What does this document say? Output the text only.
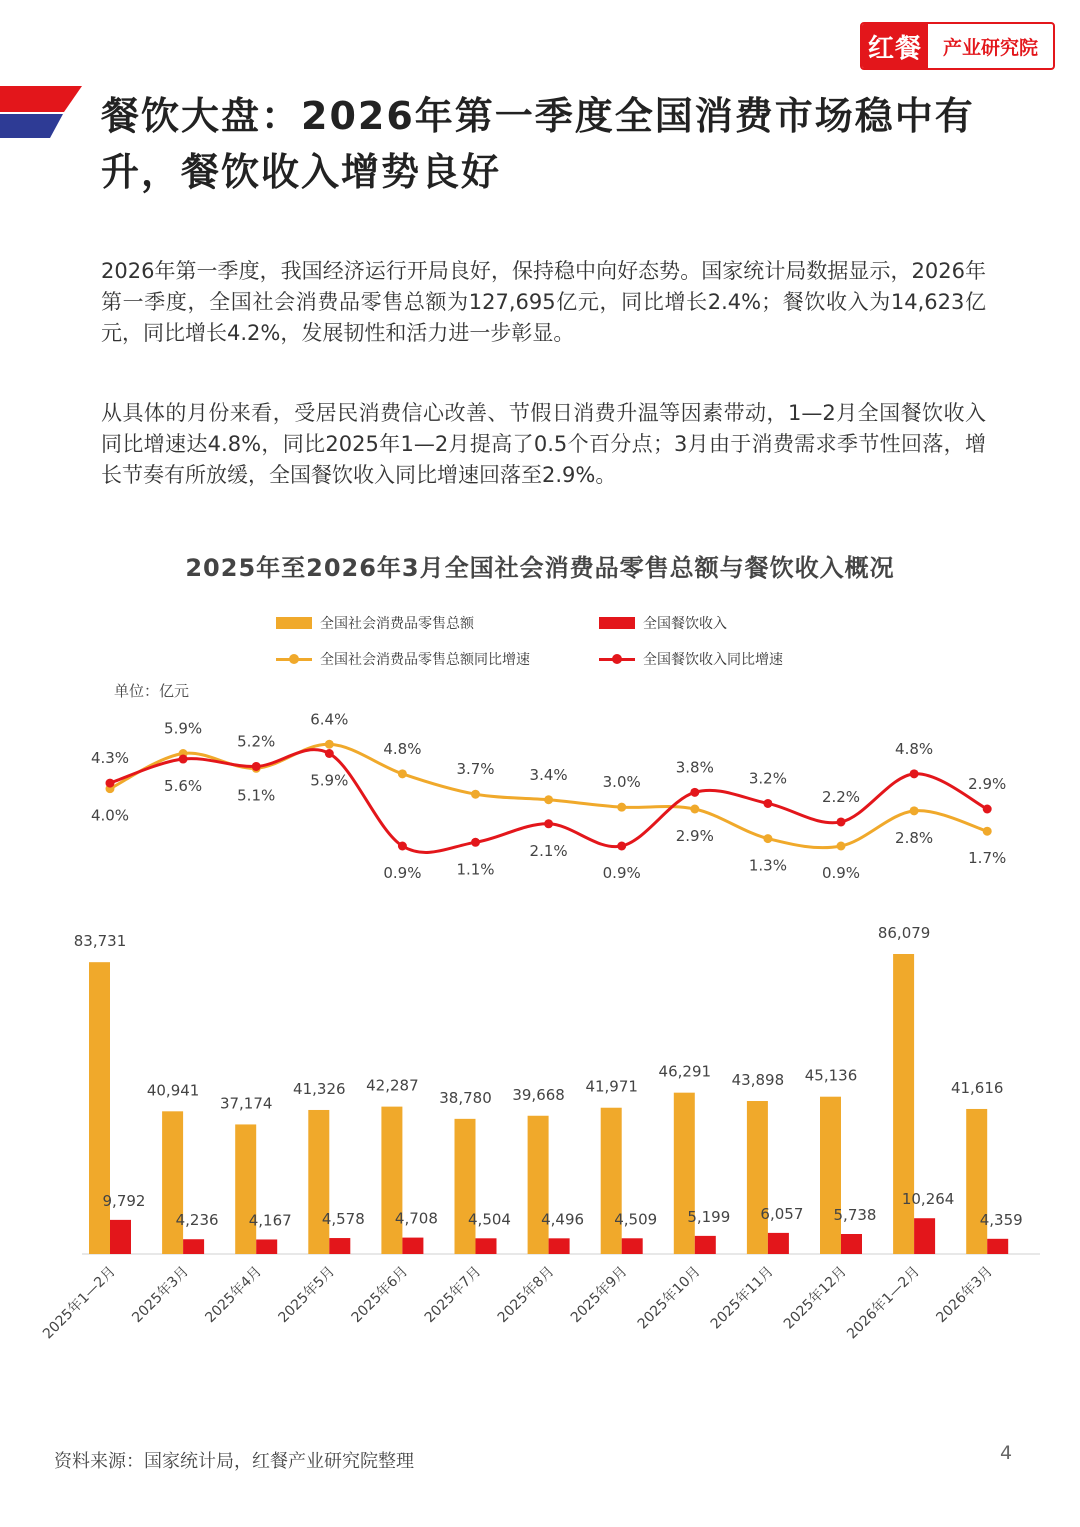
红餐	产业研究院
餐饮大盘：2026年第一季度全国消费市场稳中有升，餐饮收入增势良好

2026年第一季度，我国经济运行开局良好，保持稳中向好态势。国家统计局数据显示，2026年第一季度，全国社会消费品零售总额为127,695亿元，同比增长2.4%；餐饮收入为14,623亿元，同比增长4.2%，发展韧性和活力进一步彰显。

从具体的月份来看，受居民消费信心改善、节假日消费升温等因素带动，1—2月全国餐饮收入同比增速达4.8%，同比2025年1—2月提高了0.5个百分点；3月由于消费需求季节性回落，增长节奏有所放缓，全国餐饮收入同比增速回落至2.9%。

2025年至2026年3月全国社会消费品零售总额与餐饮收入概况
全国社会消费品零售总额	全国餐饮收入
全国社会消费品零售总额同比增速	全国餐饮收入同比增速
单位：亿元
83,731
9,792
2025年1—2月
40,941
4,236
2025年3月
37,174
4,167
2025年4月
41,326
4,578
2025年5月
42,287
4,708
2025年6月
38,780
4,504
2025年7月
39,668
4,496
2025年8月
41,971
4,509
2025年9月
46,291
5,199
2025年10月
43,898
6,057
2025年11月
45,136
5,738
2025年12月
86,079
10,264
2026年1—2月
41,616
4,359
2026年3月
4.0%
4.3%
5.9%
5.6%
5.1%
5.2%
6.4%
5.9%
4.8%
0.9%
3.7%
1.1%
3.4%
2.1%
3.0%
0.9%
2.9%
3.8%
1.3%
3.2%
0.9%
2.2%
2.8%
4.8%
1.7%
2.9%
资料来源：国家统计局，红餐产业研究院整理	4
